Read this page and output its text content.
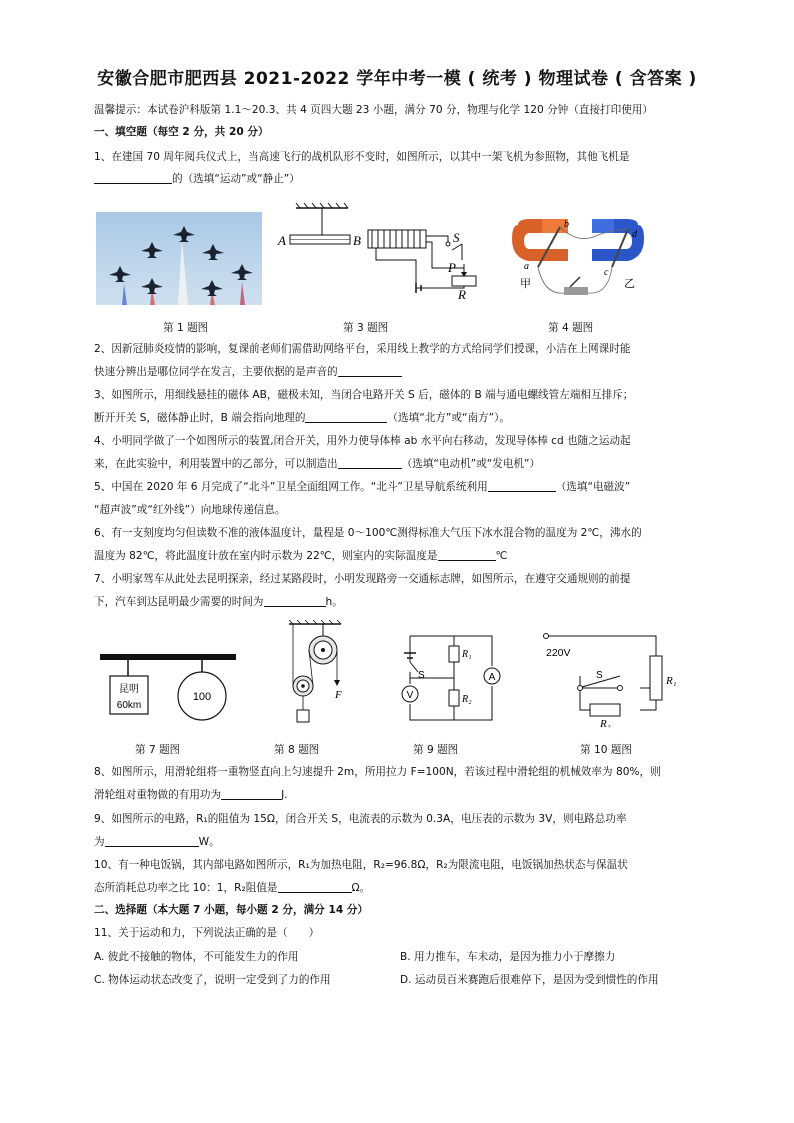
安徽合肥市肥西县 2021-2022 学年中考一模 ( 统考 ) 物理试卷 ( 含答案 )
温馨提示：本试卷沪科版第 1.1～20.3、共 4 页四大题 23 小题，满分 70 分，物理与化学 120 分钟（直接打印使用）
一、填空题（每空 2 分，共 20 分）
1、在建国 70 周年阅兵仪式上，当高速飞行的战机队形不变时，如图所示，以其中一架飞机为参照物，其他飞机是
的（选填“运动”或“静止”）
A	B	S
P
R
a
b
c
d
甲	乙
第 1 题图	第 3 题图	第 4 题图
2、因新冠肺炎疫情的影响，复课前老师们需借助网络平台，采用线上教学的方式给同学们授课，小洁在上网课时能
快速分辨出是哪位同学在发言，主要依据的是声音的
3、如图所示，用细线悬挂的磁体 AB，磁极未知，当闭合电路开关 S 后，磁体的 B 端与通电螺线管左端相互排斥；
断开开关 S，磁体静止时，B 端会指向地理的	（选填“北方”或“南方”）。
4、小明同学做了一个如图所示的装置,闭合开关，用外力使导体棒 ab 水平向右移动，发现导体棒 cd 也随之运动起
来，在此实验中，利用装置中的乙部分，可以制造出	（选填“电动机”或“发电机”）
5、中国在 2020 年 6 月完成了“北斗”卫星全面组网工作。“北斗”卫星导航系统利用	（选填“电磁波”
“超声波”或“红外线”）向地球传递信息。
6、有一支刻度均匀但读数不准的液体温度计，量程是 0～100℃测得标准大气压下冰水混合物的温度为 2℃，沸水的
温度为 82℃，将此温度计放在室内时示数为 22℃，则室内的实际温度是	℃
7、小明家驾车从此处去昆明探亲，经过某路段时，小明发现路旁一交通标志牌，如图所示，在遵守交通规则的前提
下，汽车到达昆明最少需要的时间为	h。
昆明
60km
100	F
S
R₁
R₂
A
V
220V
S	R₁
R₂
第 7 题图	第 8 题图	第 9 题图	第 10 题图
8、如图所示，用滑轮组将一重物竖直向上匀速提升 2m，所用拉力 F=100N，若该过程中滑轮组的机械效率为 80%，则
滑轮组对重物做的有用功为	J.
9、如图所示的电路，R₁的阻值为 15Ω，闭合开关 S，电流表的示数为 0.3A，电压表的示数为 3V，则电路总功率
为	W。
10、有一种电饭锅，其内部电路如图所示，R₁为加热电阻，R₂=96.8Ω，R₂为限流电阻，电饭锅加热状态与保温状
态所消耗总功率之比 10：1，R₂阻值是	Ω。
二、选择题（本大题 7 小题，每小题 2 分，满分 14 分）
11、关于运动和力，下列说法正确的是（　　）
A. 彼此不接触的物体，不可能发生力的作用	B. 用力推车，车未动，是因为推力小于摩擦力
C. 物体运动状态改变了，说明一定受到了力的作用	D. 运动员百米赛跑后很难停下，是因为受到惯性的作用
